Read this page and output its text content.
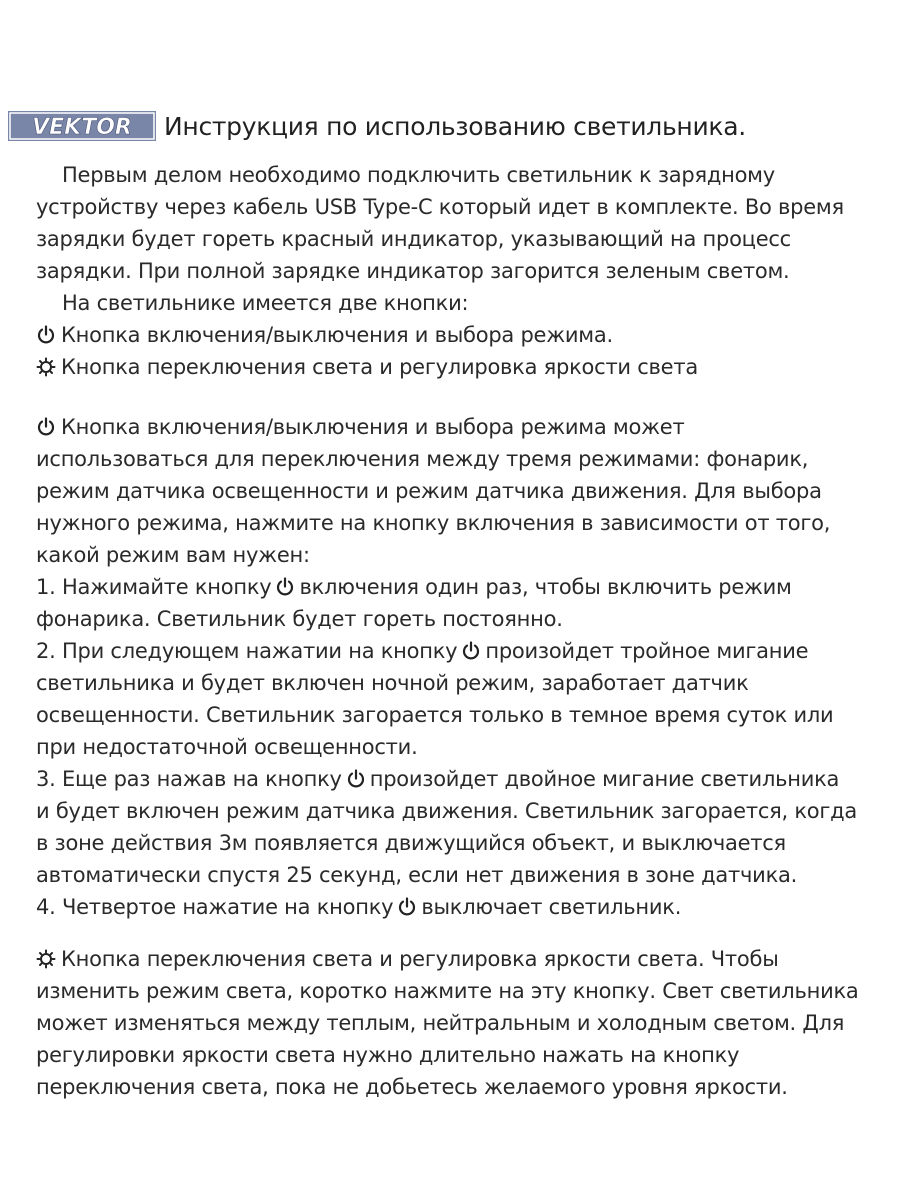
VEKTOR Инструкция по использованию светильника.
Первым делом необходимо подключить светильник к зарядному
устройству через кабель USB Type-C который идет в комплекте. Во время
зарядки будет гореть красный индикатор, указывающий на процесс
зарядки. При полной зарядке индикатор загорится зеленым светом.
На светильнике имеется две кнопки:
Кнопка включения/выключения и выбора режима.
Кнопка переключения света и регулировка яркости света
Кнопка включения/выключения и выбора режима может
использоваться для переключения между тремя режимами: фонарик,
режим датчика освещенности и режим датчика движения. Для выбора
нужного режима, нажмите на кнопку включения в зависимости от того,
какой режим вам нужен:
1. Нажимайте кнопку включения один раз, чтобы включить режим
фонарика. Светильник будет гореть постоянно.
2. При следующем нажатии на кнопку произойдет тройное мигание
светильника и будет включен ночной режим, заработает датчик
освещенности. Светильник загорается только в темное время суток или
при недостаточной освещенности.
3. Еще раз нажав на кнопку произойдет двойное мигание светильника
и будет включен режим датчика движения. Светильник загорается, когда
в зоне действия 3м появляется движущийся объект, и выключается
автоматически спустя 25 секунд, если нет движения в зоне датчика.
4. Четвертое нажатие на кнопку выключает светильник.
Кнопка переключения света и регулировка яркости света. Чтобы
изменить режим света, коротко нажмите на эту кнопку. Свет светильника
может изменяться между теплым, нейтральным и холодным светом. Для
регулировки яркости света нужно длительно нажать на кнопку
переключения света, пока не добьетесь желаемого уровня яркости.
